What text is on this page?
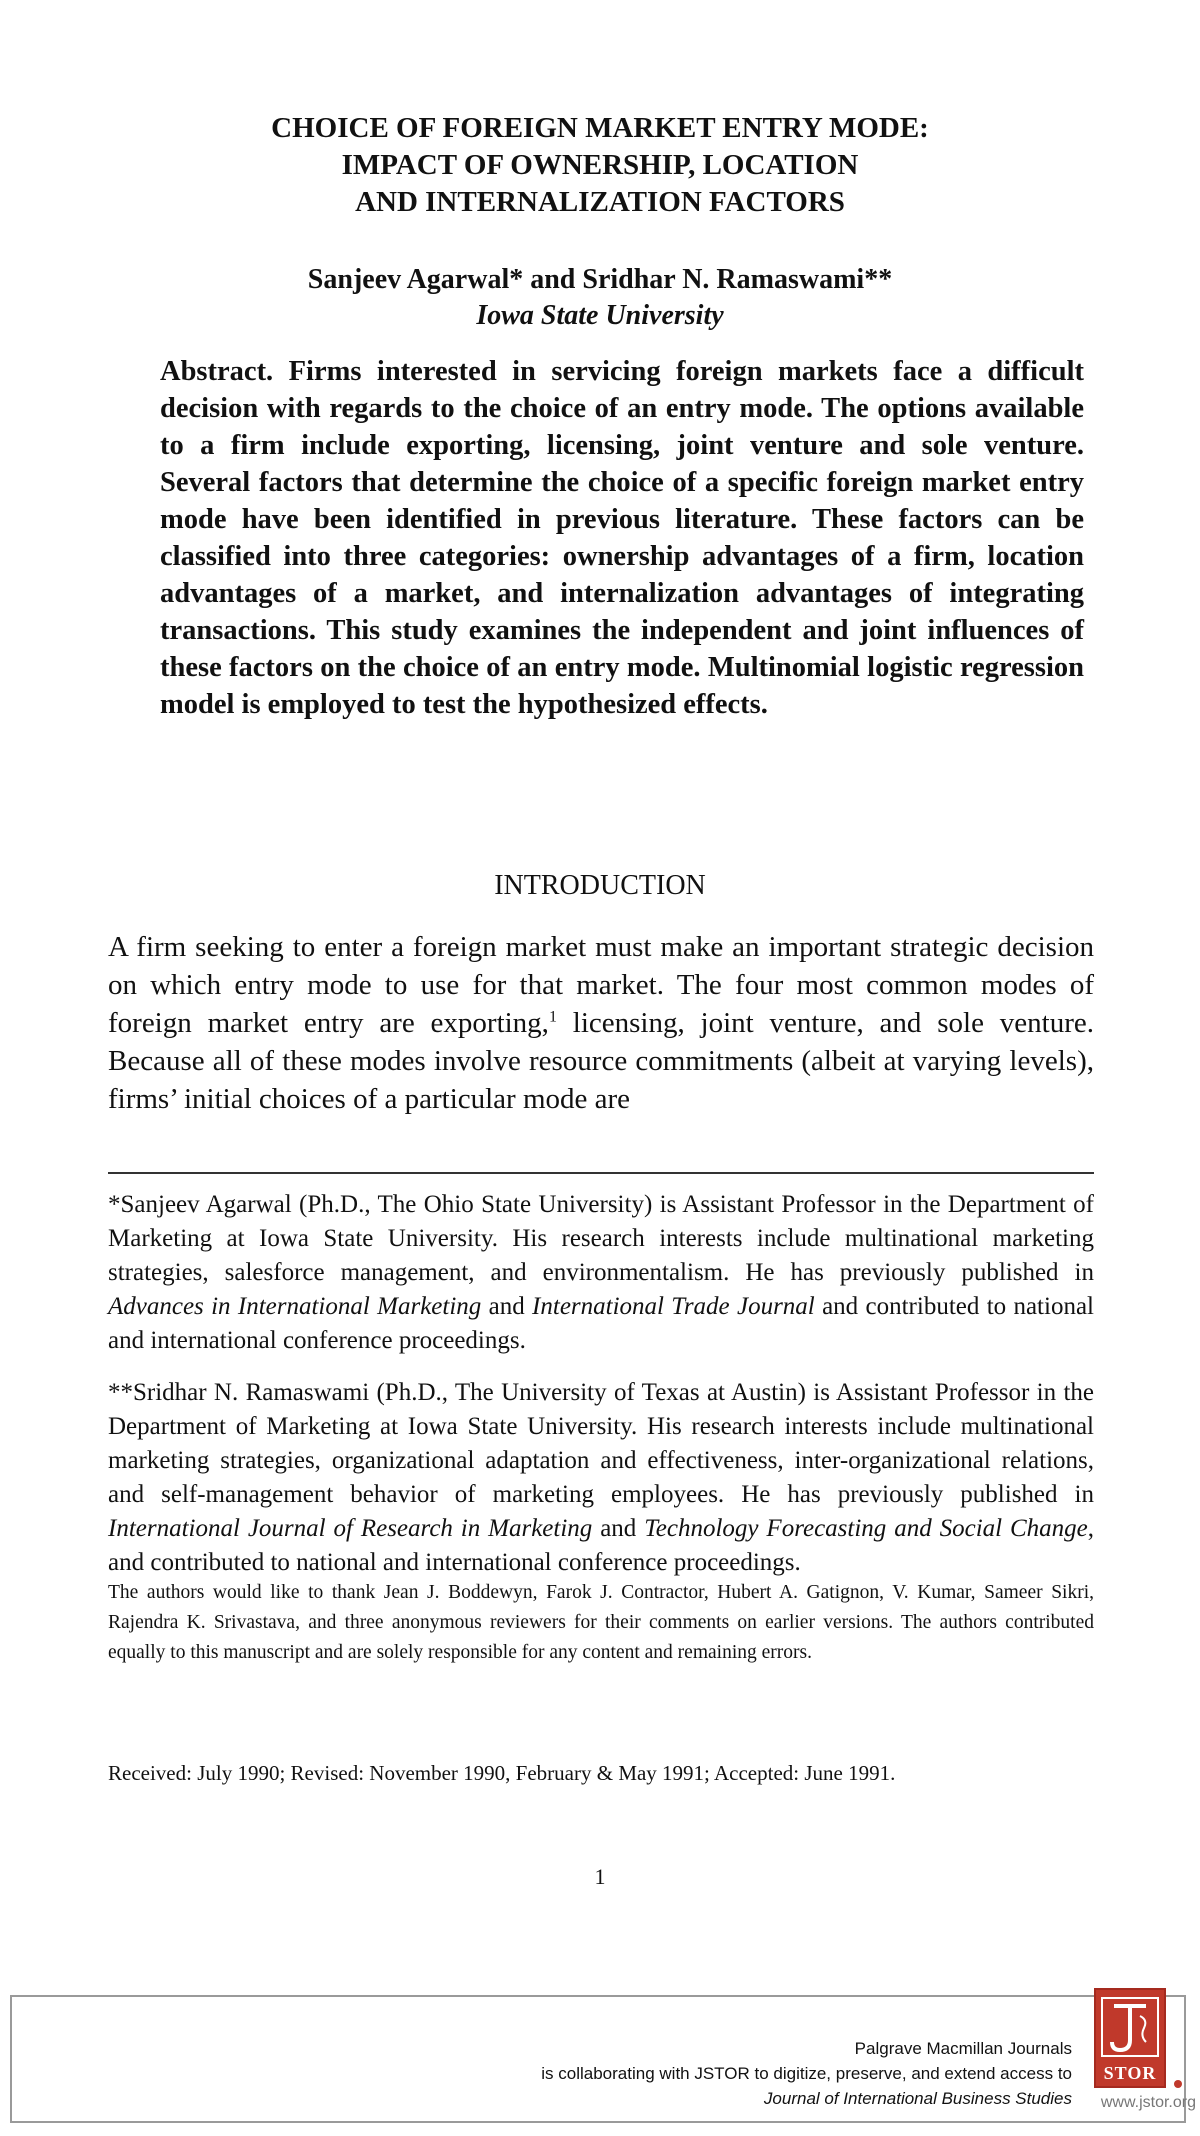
CHOICE OF FOREIGN MARKET ENTRY MODE:
IMPACT OF OWNERSHIP, LOCATION
AND INTERNALIZATION FACTORS
Sanjeev Agarwal* and Sridhar N. Ramaswami**
Iowa State University
Abstract. Firms interested in servicing foreign markets face a difficult decision with regards to the choice of an entry mode. The options available to a firm include exporting, licensing, joint venture and sole venture. Several factors that determine the choice of a specific foreign market entry mode have been identified in previous literature. These factors can be classified into three categories: ownership advantages of a firm, location advantages of a market, and internalization advantages of integrating transactions. This study examines the independent and joint influences of these factors on the choice of an entry mode. Multinomial logistic regression model is employed to test the hypothesized effects.
INTRODUCTION
A firm seeking to enter a foreign market must make an important strategic decision on which entry mode to use for that market. The four most common modes of foreign market entry are exporting,$^1$ licensing, joint venture, and sole venture. Because all of these modes involve resource commitments (albeit at varying levels), firms’ initial choices of a particular mode are
*Sanjeev Agarwal (Ph.D., The Ohio State University) is Assistant Professor in the Department of Marketing at Iowa State University. His research interests include multinational marketing strategies, salesforce management, and environmentalism. He has previously published in Advances in International Marketing and International Trade Journal and contributed to national and international conference proceedings.
**Sridhar N. Ramaswami (Ph.D., The University of Texas at Austin) is Assistant Professor in the Department of Marketing at Iowa State University. His research interests include multinational marketing strategies, organizational adaptation and effectiveness, inter-organizational relations, and self-management behavior of marketing employees. He has previously published in International Journal of Research in Marketing and Technology Forecasting and Social Change, and contributed to national and international conference proceedings.
The authors would like to thank Jean J. Boddewyn, Farok J. Contractor, Hubert A. Gatignon, V. Kumar, Sameer Sikri, Rajendra K. Srivastava, and three anonymous reviewers for their comments on earlier versions. The authors contributed equally to this manuscript and are solely responsible for any content and remaining errors.
Received: July 1990; Revised: November 1990, February & May 1991; Accepted: June 1991.
1
Palgrave Macmillan Journals
is collaborating with JSTOR to digitize, preserve, and extend access to
Journal of International Business Studies
STOR
www.jstor.org
